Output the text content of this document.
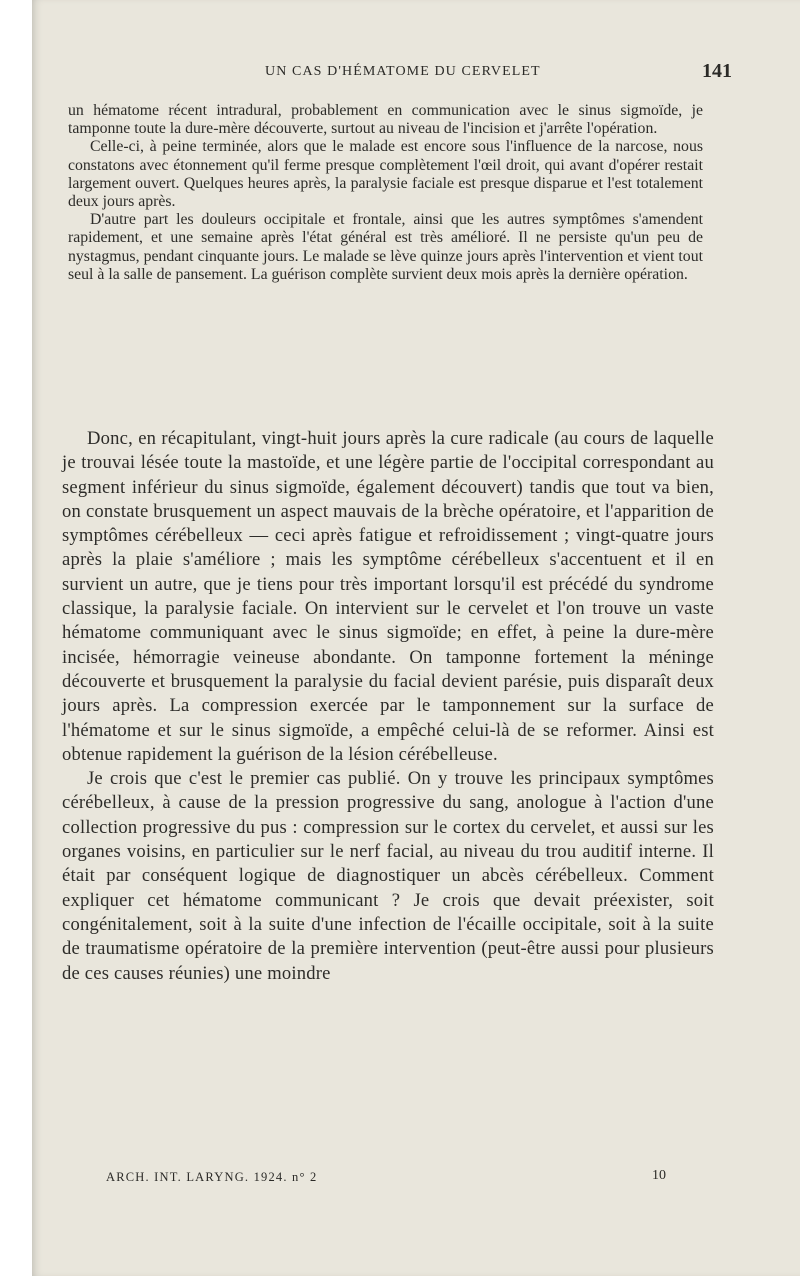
UN CAS D'HÉMATOME DU CERVELET	141

un hématome récent intradural, probablement en communication avec le sinus sigmoïde, je tamponne toute la dure-mère découverte, surtout au niveau de l'incision et j'arrête l'opération.

Celle-ci, à peine terminée, alors que le malade est encore sous l'influence de la narcose, nous constatons avec étonnement qu'il ferme presque complètement l'œil droit, qui avant d'opérer restait largement ouvert. Quelques heures après, la paralysie faciale est presque disparue et l'est totalement deux jours après.

D'autre part les douleurs occipitale et frontale, ainsi que les autres symptômes s'amendent rapidement, et une semaine après l'état général est très amélioré. Il ne persiste qu'un peu de nystagmus, pendant cinquante jours. Le malade se lève quinze jours après l'intervention et vient tout seul à la salle de pansement. La guérison complète survient deux mois après la dernière opération.

Donc, en récapitulant, vingt-huit jours après la cure radicale (au cours de laquelle je trouvai lésée toute la mastoïde, et une légère partie de l'occipital correspondant au segment inférieur du sinus sigmoïde, également découvert) tandis que tout va bien, on constate brusquement un aspect mauvais de la brèche opératoire, et l'apparition de symptômes cérébelleux — ceci après fatigue et refroidissement ; vingt-quatre jours après la plaie s'améliore ; mais les symptôme cérébelleux s'accentuent et il en survient un autre, que je tiens pour très important lorsqu'il est précédé du syndrome classique, la paralysie faciale. On intervient sur le cervelet et l'on trouve un vaste hématome communiquant avec le sinus sigmoïde; en effet, à peine la dure-mère incisée, hémorragie veineuse abondante. On tamponne fortement la méninge découverte et brusquement la paralysie du facial devient parésie, puis disparaît deux jours après. La compression exercée par le tamponnement sur la surface de l'hématome et sur le sinus sigmoïde, a empêché celui-là de se reformer. Ainsi est obtenue rapidement la guérison de la lésion cérébelleuse.

Je crois que c'est le premier cas publié. On y trouve les principaux symptômes cérébelleux, à cause de la pression progressive du sang, anologue à l'action d'une collection progressive du pus : compression sur le cortex du cervelet, et aussi sur les organes voisins, en particulier sur le nerf facial, au niveau du trou auditif interne. Il était par conséquent logique de diagnostiquer un abcès cérébelleux. Comment expliquer cet hématome communicant ? Je crois que devait préexister, soit congénitalement, soit à la suite d'une infection de l'écaille occipitale, soit à la suite de traumatisme opératoire de la première intervention (peut-être aussi pour plusieurs de ces causes réunies) une moindre

ARCH. INT. LARYNG. 1924. n° 2	10
